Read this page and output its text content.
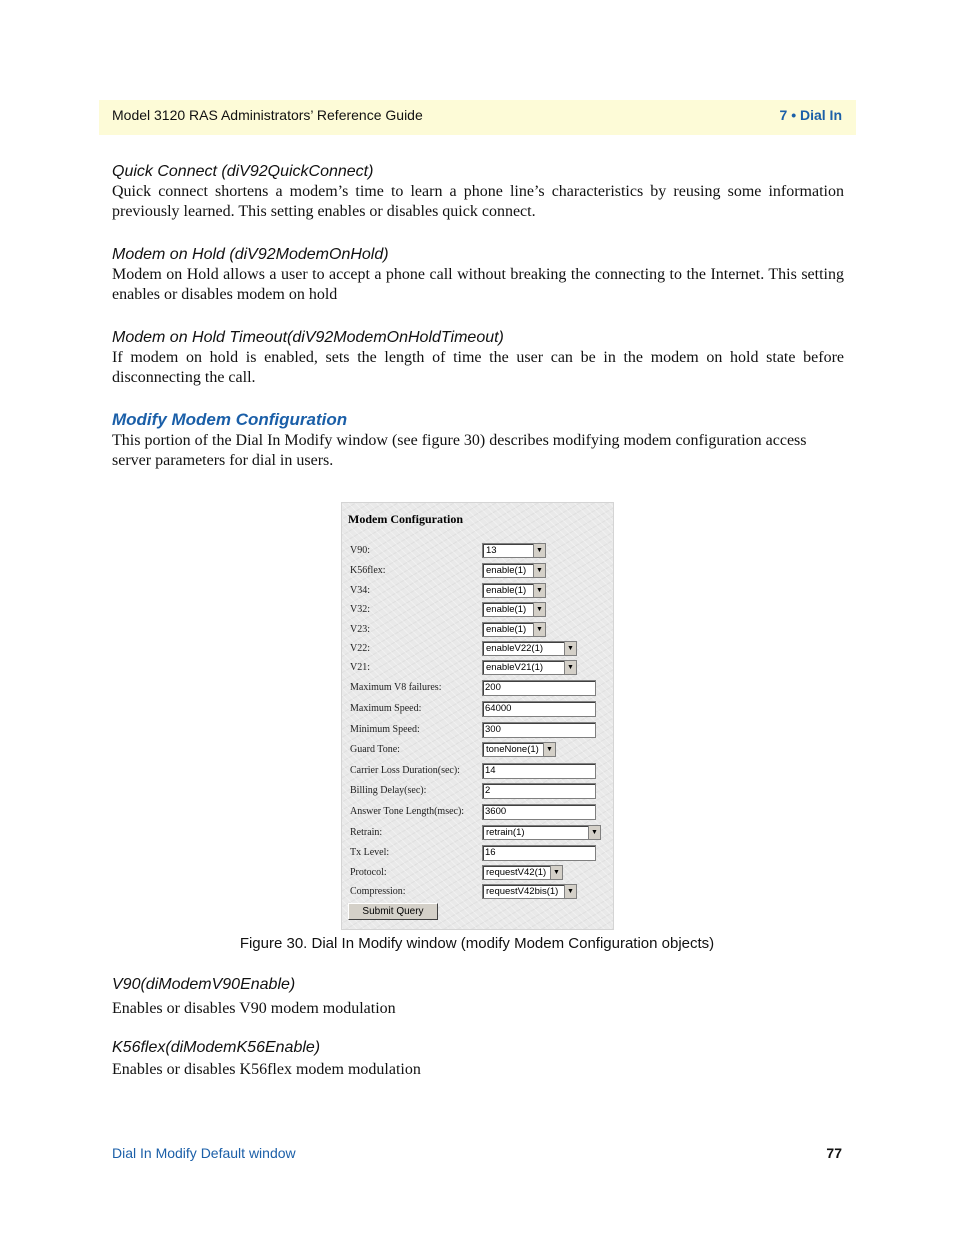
Model 3120 RAS Administrators’ Reference Guide	7 • Dial In

Quick Connect (diV92QuickConnect)

Quick connect shortens a modem’s time to learn a phone line’s characteristics by reusing some information previously learned. This setting enables or disables quick connect.

Modem on Hold (diV92ModemOnHold)

Modem on Hold allows a user to accept a phone call without breaking the connecting to the Internet. This setting enables or disables modem on hold

Modem on Hold Timeout(diV92ModemOnHoldTimeout)

If modem on hold is enabled, sets the length of time the user can be in the modem on hold state before disconnecting the call.

Modify Modem Configuration

This portion of the Dial In Modify window (see figure 30) describes modifying modem configuration access server parameters for dial in users.

Modem Configuration
V90:	13	▼
K56flex:	enable(1)	▼
V34:	enable(1)	▼
V32:	enable(1)	▼
V23:	enable(1)	▼
V22:	enableV22(1)	▼
V21:	enableV21(1)	▼
Maximum V8 failures:	200
Maximum Speed:	64000
Minimum Speed:	300
Guard Tone:	toneNone(1)	▼
Carrier Loss Duration(sec):	14
Billing Delay(sec):	2
Answer Tone Length(msec): 3600
Retrain:	retrain(1)	▼
Tx Level:	16
Protocol:	requestV42(1) ▼
Compression:	requestV42bis(1)	▼
Submit Query
Figure 30. Dial In Modify window (modify Modem Configuration objects)

V90(diModemV90Enable)

Enables or disables V90 modem modulation

K56flex(diModemK56Enable)

Enables or disables K56flex modem modulation

Dial In Modify Default window	77
